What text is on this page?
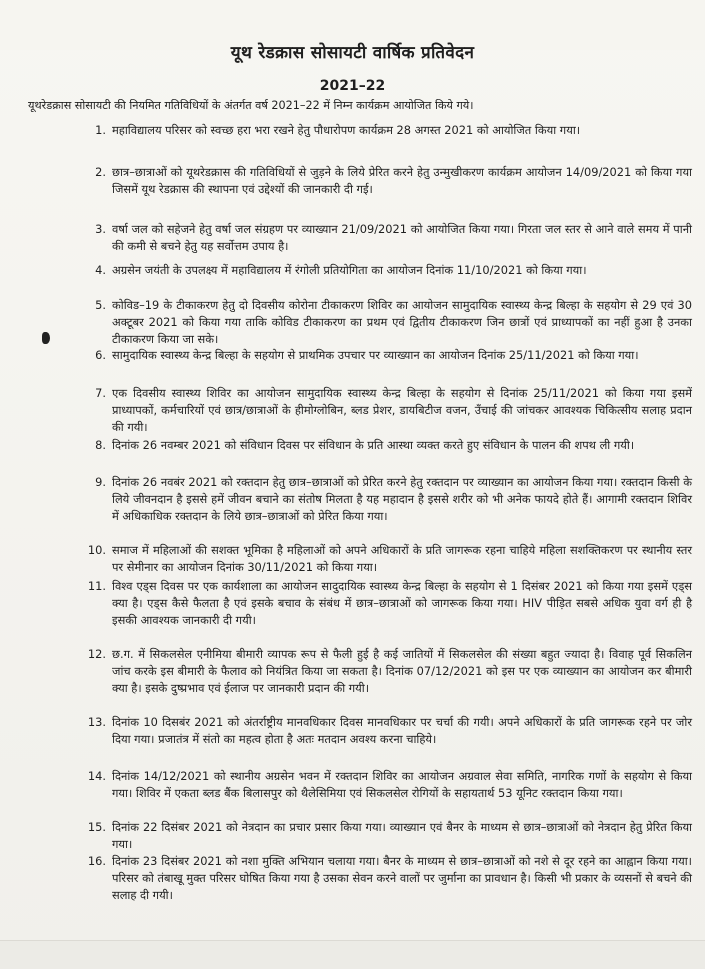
यूथ रेडक्रास सोसायटी वार्षिक प्रतिवेदन
2021–22
यूथरेडक्रास सोसायटी की नियमित गतिविधियों के अंतर्गत वर्ष 2021–22 में निम्न कार्यक्रम आयोजित किये गये।
1. महाविद्यालय परिसर को स्वच्छ हरा भरा रखने हेतु पौधारोपण कार्यक्रम 28 अगस्त 2021 को आयोजित किया गया।
2. छात्र–छात्राओं को यूथरेडक्रास की गतिविधियों से जुड़ने के लिये प्रेरित करने हेतु उन्मुखीकरण कार्यक्रम आयोजन 14/09/2021 को किया गया जिसमें यूथ रेडक्रास की स्थापना एवं उद्देश्यों की जानकारी दी गई।
3. वर्षा जल को सहेजने हेतु वर्षा जल संग्रहण पर व्याख्यान 21/09/2021 को आयोजित किया गया। गिरता जल स्तर से आने वाले समय में पानी की कमी से बचने हेतु यह सर्वोत्तम उपाय है।
4. अग्रसेन जयंती के उपलक्ष्य में महाविद्यालय में रंगोली प्रतियोगिता का आयोजन दिनांक 11/10/2021 को किया गया।
5. कोविड–19 के टीकाकरण हेतु दो दिवसीय कोरोना टीकाकरण शिविर का आयोजन सामुदायिक स्वास्थ्य केन्द्र बिल्हा के सहयोग से 29 एवं 30 अक्टूबर 2021 को किया गया ताकि कोविड टीकाकरण का प्रथम एवं द्वितीय टीकाकरण जिन छात्रों एवं प्राध्यापकों का नहीं हुआ है उनका टीकाकरण किया जा सके।
6. सामुदायिक स्वास्थ्य केन्द्र बिल्हा के सहयोग से प्राथमिक उपचार पर व्याख्यान का आयोजन दिनांक 25/11/2021 को किया गया।
7. एक दिवसीय स्वास्थ्य शिविर का आयोजन सामुदायिक स्वास्थ्य केन्द्र बिल्हा के सहयोग से दिनांक 25/11/2021 को किया गया इसमें प्राध्यापकों, कर्मचारियों एवं छात्र/छात्राओं के हीमोग्लोबिन, ब्लड प्रेशर, डायबिटीज वजन, उँचाई की जांचकर आवश्यक चिकित्सीय सलाह प्रदान की गयी।
8. दिनांक 26 नवम्बर 2021 को संविधान दिवस पर संविधान के प्रति आस्था व्यक्त करते हुए संविधान के पालन की शपथ ली गयी।
9. दिनांक 26 नवबंर 2021 को रक्तदान हेतु छात्र–छात्राओं को प्रेरित करने हेतु रक्तदान पर व्याख्यान का आयोजन किया गया। रक्तदान किसी के लिये जीवनदान है इससे हमें जीवन बचाने का संतोष मिलता है यह महादान है इससे शरीर को भी अनेक फायदे होते हैं। आगामी रक्तदान शिविर में अधिकाधिक रक्तदान के लिये छात्र–छात्राओं को प्रेरित किया गया।
10. समाज में महिलाओं की सशक्त भूमिका है महिलाओं को अपने अधिकारों के प्रति जागरूक रहना चाहिये महिला सशक्तिकरण पर स्थानीय स्तर पर सेमीनार का आयोजन दिनांक 30/11/2021 को किया गया।
11. विश्व एड्स दिवस पर एक कार्यशाला का आयोजन सादुदायिक स्वास्थ्य केन्द्र बिल्हा के सहयोग से 1 दिसंबर 2021 को किया गया इसमें एड्स क्या है। एड्स कैसे फैलता है एवं इसके बचाव के संबंध में छात्र–छात्राओं को जागरूक किया गया। HIV पीड़ित सबसे अधिक युवा वर्ग ही है इसकी आवश्यक जानकारी दी गयी।
12. छ.ग. में सिकलसेल एनीमिया बीमारी व्यापक रूप से फैली हुई है कई जातियों में सिकलसेल की संख्या बहुत ज्यादा है। विवाह पूर्व सिकलिन जांच करके इस बीमारी के फैलाव को नियंत्रित किया जा सकता है। दिनांक 07/12/2021 को इस पर एक व्याख्यान का आयोजन कर बीमारी क्या है। इसके दुष्प्रभाव एवं ईलाज पर जानकारी प्रदान की गयी।
13. दिनांक 10 दिसबंर 2021 को अंतर्राष्ट्रीय मानवधिकार दिवस मानवधिकार पर चर्चा की गयी। अपने अधिकारों के प्रति जागरूक रहने पर जोर दिया गया। प्रजातंत्र में संतो का महत्व होता है अतः मतदान अवश्य करना चाहिये।
14. दिनांक 14/12/2021 को स्थानीय अग्रसेन भवन में रक्तदान शिविर का आयोजन अग्रवाल सेवा समिति, नागरिक गणों के सहयोग से किया गया। शिविर में एकता ब्लड बैंक बिलासपुर को थैलेसिमिया एवं सिकलसेल रोगियों के सहायतार्थ 53 यूनिट रक्तदान किया गया।
15. दिनांक 22 दिसंबर 2021 को नेत्रदान का प्रचार प्रसार किया गया। व्याख्यान एवं बैनर के माध्यम से छात्र–छात्राओं को नेत्रदान हेतु प्रेरित किया गया।
16. दिनांक 23 दिसंबर 2021 को नशा मुक्ति अभियान चलाया गया। बैनर के माध्यम से छात्र–छात्राओं को नशे से दूर रहने का आह्वान किया गया। परिसर को तंबाखू मुक्त परिसर घोषित किया गया है उसका सेवन करने वालों पर जुर्माना का प्रावधान है। किसी भी प्रकार के व्यसनों से बचने की सलाह दी गयी।
